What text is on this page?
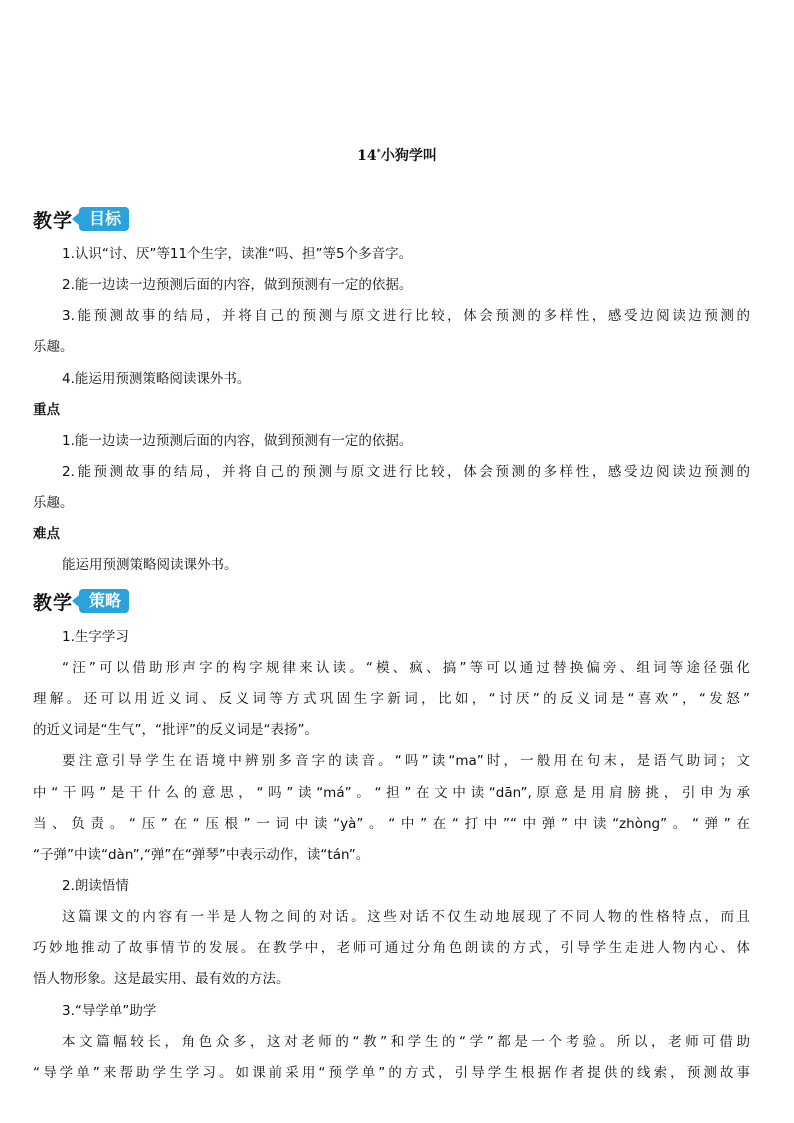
14*小狗学叫
教学	目标
1.认识“讨、厌”等11个生字，读准“吗、担”等5个多音字。
2.能一边读一边预测后面的内容，做到预测有一定的依据。
3.能预测故事的结局，并将自己的预测与原文进行比较，体会预测的多样性，感受边阅读边预测的
乐趣。
4.能运用预测策略阅读课外书。
重点
1.能一边读一边预测后面的内容，做到预测有一定的依据。
2.能预测故事的结局，并将自己的预测与原文进行比较，体会预测的多样性，感受边阅读边预测的
乐趣。
难点
能运用预测策略阅读课外书。
教学	策略
1.生字学习
“汪”可以借助形声字的构字规律来认读。“模、疯、搞”等可以通过替换偏旁、组词等途径强化
理解。还可以用近义词、反义词等方式巩固生字新词，比如，“讨厌”的反义词是“喜欢”，“发怒”
的近义词是“生气”，“批评”的反义词是“表扬”。
要注意引导学生在语境中辨别多音字的读音。“吗”读“ma”时，一般用在句末，是语气助词；文
中“干吗”是干什么的意思，“吗”读“má”。“担”在文中读“dān”,原意是用肩膀挑，引申为承
当、负责。“压”在“压根”一词中读“yà”。“中”在“打中”“中弹”中读“zhòng”。“弹”在
“子弹”中读“dàn”,“弹”在“弹琴”中表示动作，读“tán”。
2.朗读悟情
这篇课文的内容有一半是人物之间的对话。这些对话不仅生动地展现了不同人物的性格特点，而且
巧妙地推动了故事情节的发展。在教学中，老师可通过分角色朗读的方式，引导学生走进人物内心、体
悟人物形象。这是最实用、最有效的方法。
3.“导学单”助学
本文篇幅较长，角色众多，这对老师的“教”和学生的“学”都是一个考验。所以，老师可借助
“导学单”来帮助学生学习。如课前采用“预学单”的方式，引导学生根据作者提供的线索，预测故事
